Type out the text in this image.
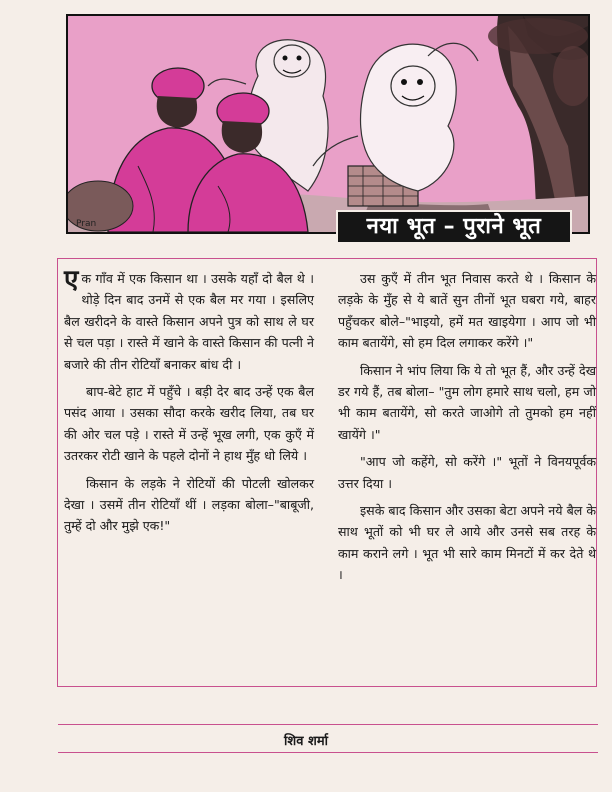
Pran	नया भूत – पुराने भूत

एक गाँव में एक किसान था । उसके यहाँ दो बैल थे । थोड़े दिन बाद उनमें से एक बैल मर गया । इसलिए बैल खरीदने के वास्ते किसान अपने पुत्र को साथ ले घर से चल पड़ा । रास्ते में खाने के वास्ते किसान की पत्नी ने बजारे की तीन रोटियाँ बनाकर बांध दी ।

बाप-बेटे हाट में पहुँचे । बड़ी देर बाद उन्हें एक बैल पसंद आया । उसका सौदा करके खरीद लिया, तब घर की ओर चल पड़े । रास्ते में उन्हें भूख लगी, एक कुएँ में उतरकर रोटी खाने के पहले दोनों ने हाथ मुँह धो लिये ।

किसान के लड़के ने रोटियों की पोटली खोलकर देखा । उसमें तीन रोटियाँ थीं । लड़का बोला–"बाबूजी, तुम्हें दो और मुझे एक!"

उस कुएँ में तीन भूत निवास करते थे । किसान के लड़के के मुँह से ये बातें सुन तीनों भूत घबरा गये, बाहर पहुँचकर बोले–"भाइयो, हमें मत खाइयेगा । आप जो भी काम बतायेंगे, सो हम दिल लगाकर करेंगे ।"

किसान ने भांप लिया कि ये तो भूत हैं, और उन्हें देख डर गये हैं, तब बोला– "तुम लोग हमारे साथ चलो, हम जो भी काम बतायेंगे, सो करते जाओगे तो तुमको हम नहीं खायेंगे ।"

"आप जो कहेंगे, सो करेंगे ।" भूतों ने विनयपूर्वक उत्तर दिया ।

इसके बाद किसान और उसका बेटा अपने नये बैल के साथ भूतों को भी घर ले आये और उनसे सब तरह के काम कराने लगे । भूत भी सारे काम मिनटों में कर देते थे ।

शिव शर्मा
